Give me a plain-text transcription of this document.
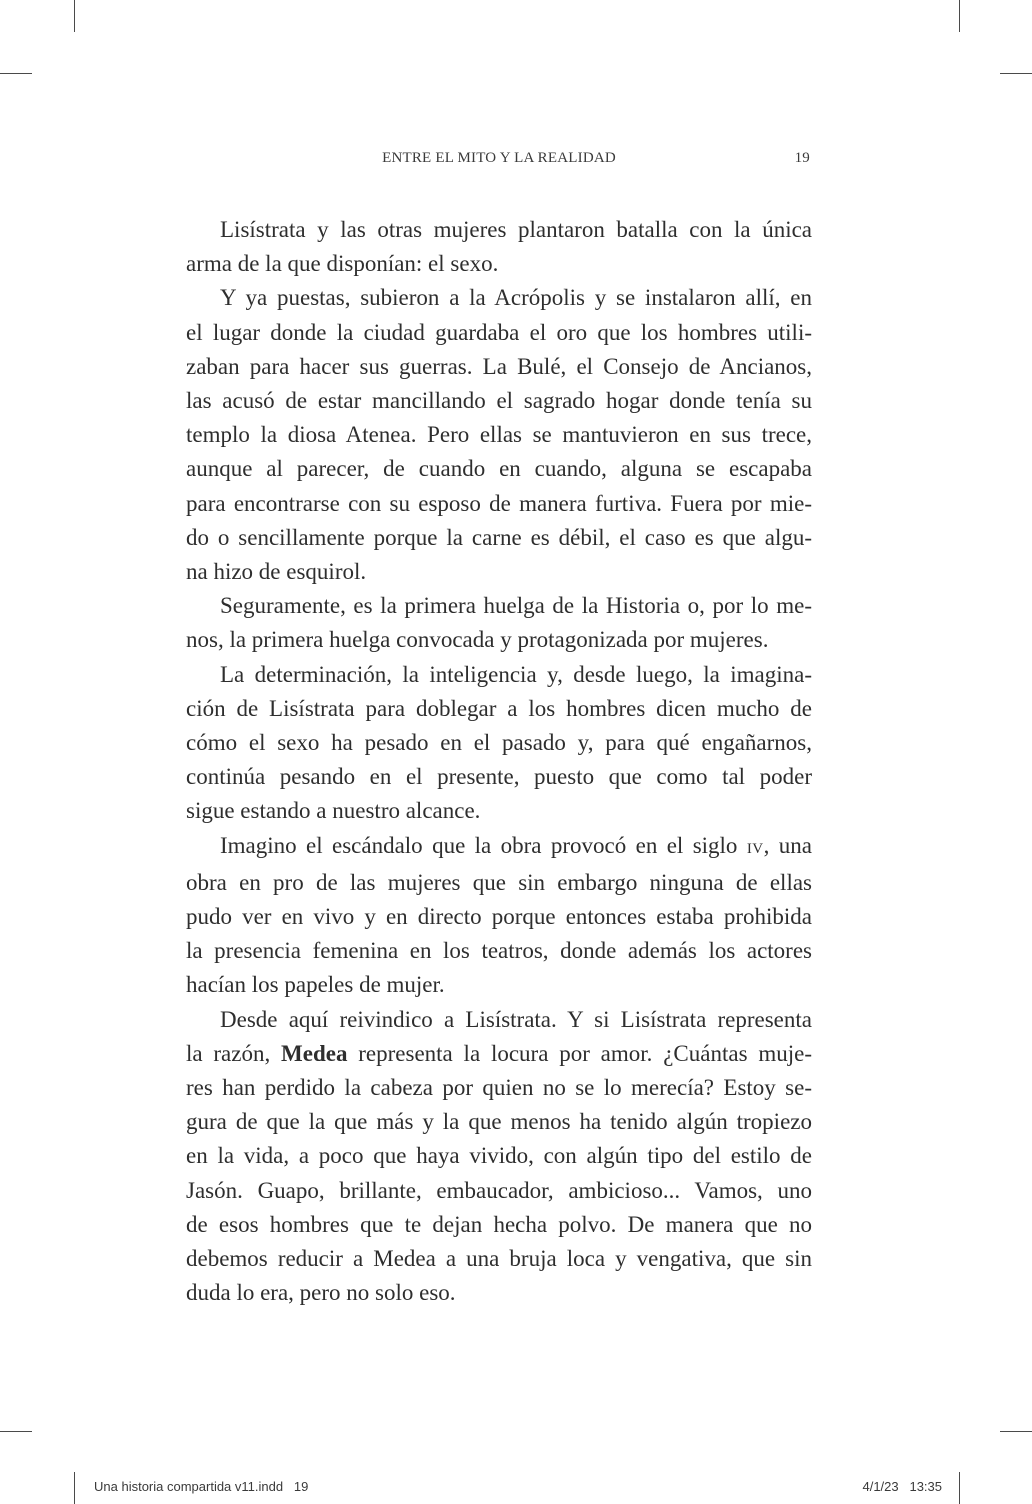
ENTRE EL MITO Y LA REALIDAD	19
Lisístrata y las otras mujeres plantaron batalla con la única
arma de la que disponían: el sexo.
Y ya puestas, subieron a la Acrópolis y se instalaron allí, en
el lugar donde la ciudad guardaba el oro que los hombres utili-
zaban para hacer sus guerras. La Bulé, el Consejo de Ancianos,
las acusó de estar mancillando el sagrado hogar donde tenía su
templo la diosa Atenea. Pero ellas se mantuvieron en sus trece,
aunque al parecer, de cuando en cuando, alguna se escapaba
para encontrarse con su esposo de manera furtiva. Fuera por mie-
do o sencillamente porque la carne es débil, el caso es que algu-
na hizo de esquirol.
Seguramente, es la primera huelga de la Historia o, por lo me-
nos, la primera huelga convocada y protagonizada por mujeres.
La determinación, la inteligencia y, desde luego, la imagina-
ción de Lisístrata para doblegar a los hombres dicen mucho de
cómo el sexo ha pesado en el pasado y, para qué engañarnos,
continúa pesando en el presente, puesto que como tal poder
sigue estando a nuestro alcance.
Imagino el escándalo que la obra provocó en el siglo IV, una
obra en pro de las mujeres que sin embargo ninguna de ellas
pudo ver en vivo y en directo porque entonces estaba prohibida
la presencia femenina en los teatros, donde además los actores
hacían los papeles de mujer.
Desde aquí reivindico a Lisístrata. Y si Lisístrata representa
la razón, Medea representa la locura por amor. ¿Cuántas muje-
res han perdido la cabeza por quien no se lo merecía? Estoy se-
gura de que la que más y la que menos ha tenido algún tropiezo
en la vida, a poco que haya vivido, con algún tipo del estilo de
Jasón. Guapo, brillante, embaucador, ambicioso... Vamos, uno
de esos hombres que te dejan hecha polvo. De manera que no
debemos reducir a Medea a una bruja loca y vengativa, que sin
duda lo era, pero no solo eso.
Una historia compartida v11.indd   19	4/1/23   13:35
